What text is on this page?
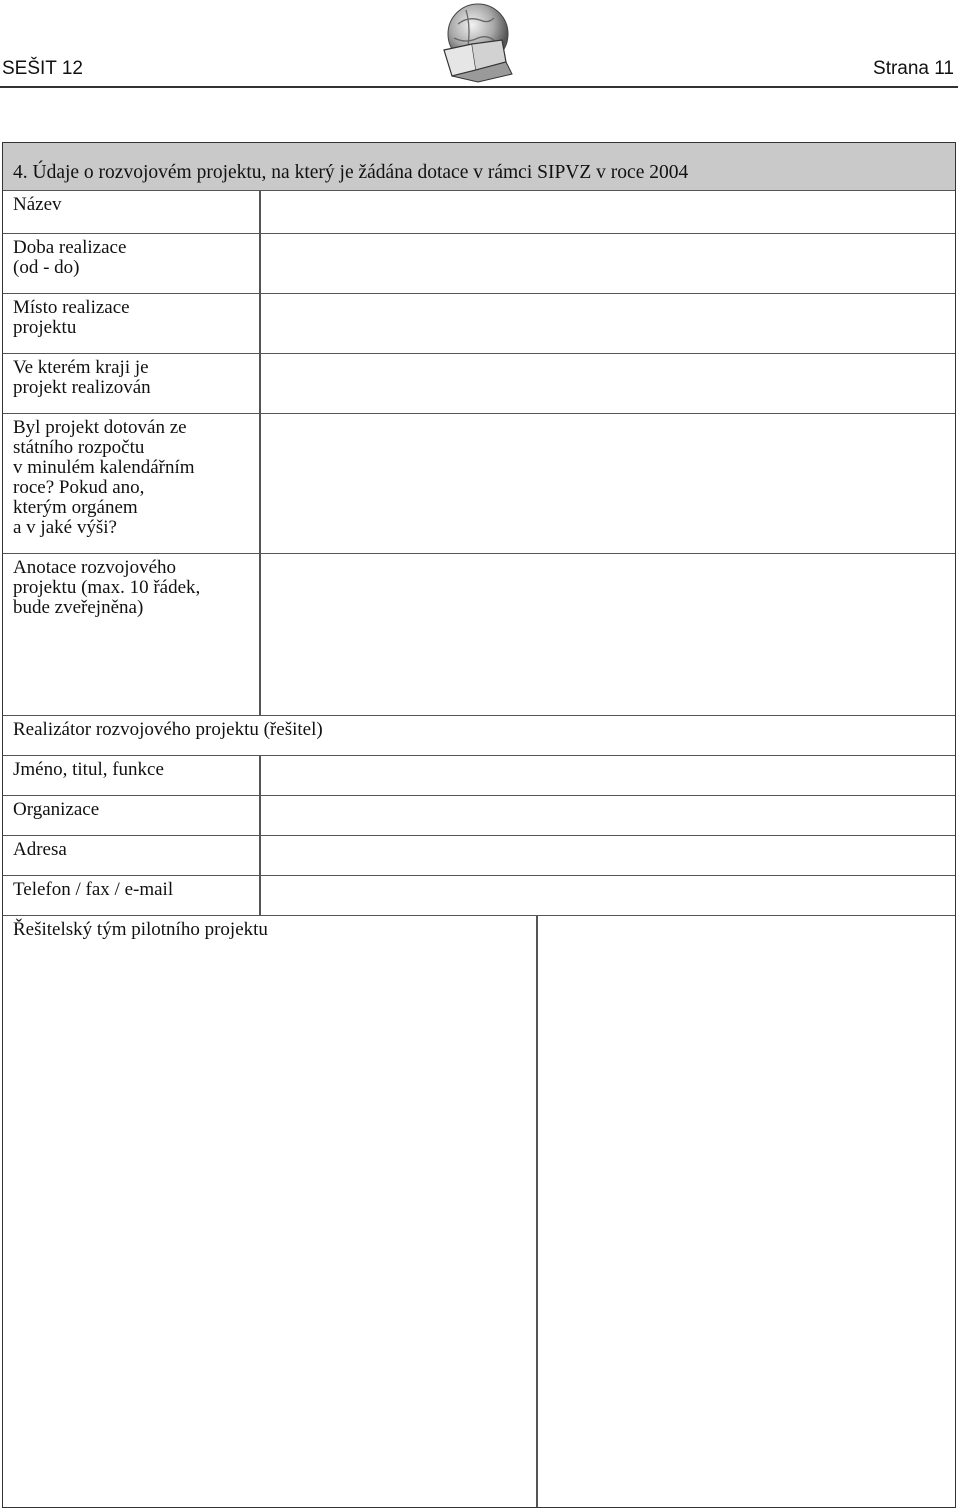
SEŠIT 12	Strana 11
4. Údaje o rozvojovém projektu, na který je žádána dotace v rámci SIPVZ v roce 2004
Název
Doba realizace
(od - do)
Místo realizace
projektu
Ve kterém kraji je
projekt realizován
Byl projekt dotován ze
státního rozpočtu
v minulém kalendářním
roce? Pokud ano,
kterým orgánem
a v jaké výši?
Anotace rozvojového
projektu (max. 10 řádek,
bude zveřejněna)
Realizátor rozvojového projektu (řešitel)
Jméno, titul, funkce
Organizace
Adresa
Telefon / fax / e-mail
Řešitelský tým pilotního projektu
